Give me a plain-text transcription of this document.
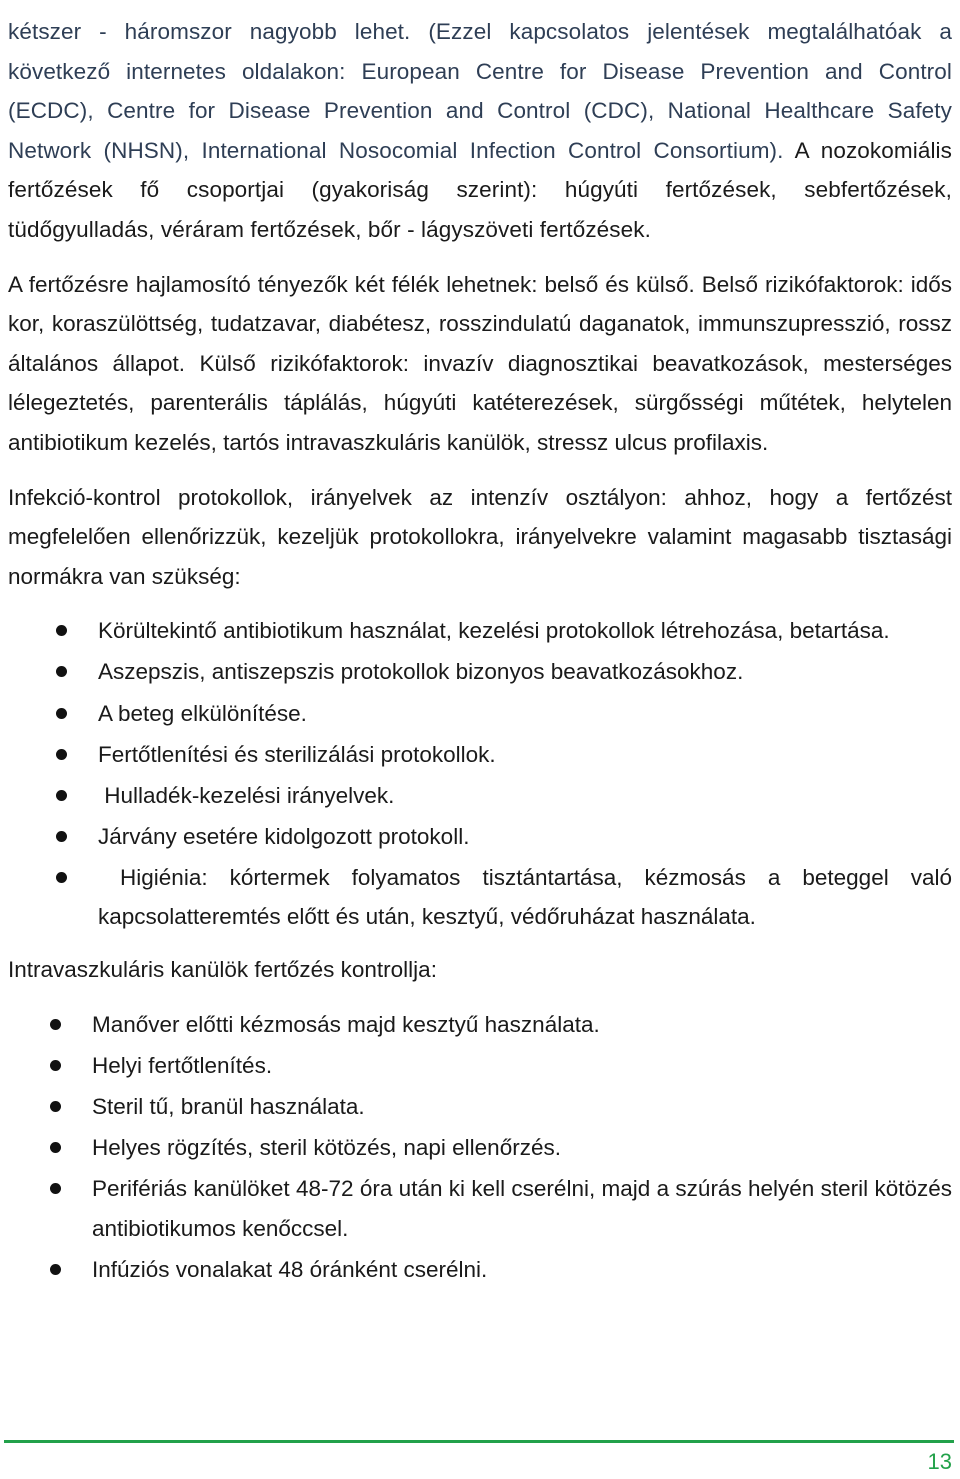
kétszer - háromszor nagyobb lehet. (Ezzel kapcsolatos jelentések megtalálhatóak a következő internetes oldalakon: European Centre for Disease Prevention and Control (ECDC), Centre for Disease Prevention and Control (CDC), National Healthcare Safety Network (NHSN), International Nosocomial Infection Control Consortium). A nozokomiális fertőzések fő csoportjai (gyakoriság szerint): húgyúti fertőzések, sebfertőzések, tüdőgyulladás, véráram fertőzések, bőr - lágyszöveti fertőzések.

A fertőzésre hajlamosító tényezők két félék lehetnek: belső és külső. Belső rizikófaktorok: idős kor, koraszülöttség, tudatzavar, diabétesz, rosszindulatú daganatok, immunszupresszió, rossz általános állapot. Külső rizikófaktorok: invazív diagnosztikai beavatkozások, mesterséges lélegeztetés, parenterális táplálás, húgyúti katéterezések, sürgősségi műtétek, helytelen antibiotikum kezelés, tartós intravaszkuláris kanülök, stressz ulcus profilaxis.

Infekció-kontrol protokollok, irányelvek az intenzív osztályon: ahhoz, hogy a fertőzést megfelelően ellenőrizzük, kezeljük protokollokra, irányelvekre valamint magasabb tisztasági normákra van szükség:

Körültekintő antibiotikum használat, kezelési protokollok létrehozása, betartása.
Aszepszis, antiszepszis protokollok bizonyos beavatkozásokhoz.
A beteg elkülönítése.
Fertőtlenítési és sterilizálási protokollok.
Hulladék-kezelési irányelvek.
Járvány esetére kidolgozott protokoll.
Higiénia: kórtermek folyamatos tisztántartása, kézmosás a beteggel való kapcsolatteremtés előtt és után, kesztyű, védőruházat használata.

Intravaszkuláris kanülök fertőzés kontrollja:

Manőver előtti kézmosás majd kesztyű használata.
Helyi fertőtlenítés.
Steril tű, branül használata.
Helyes rögzítés, steril kötözés, napi ellenőrzés.
Perifériás kanülöket 48-72 óra után ki kell cserélni, majd a szúrás helyén steril kötözés antibiotikumos kenőccsel.
Infúziós vonalakat 48 óránként cserélni.
13
